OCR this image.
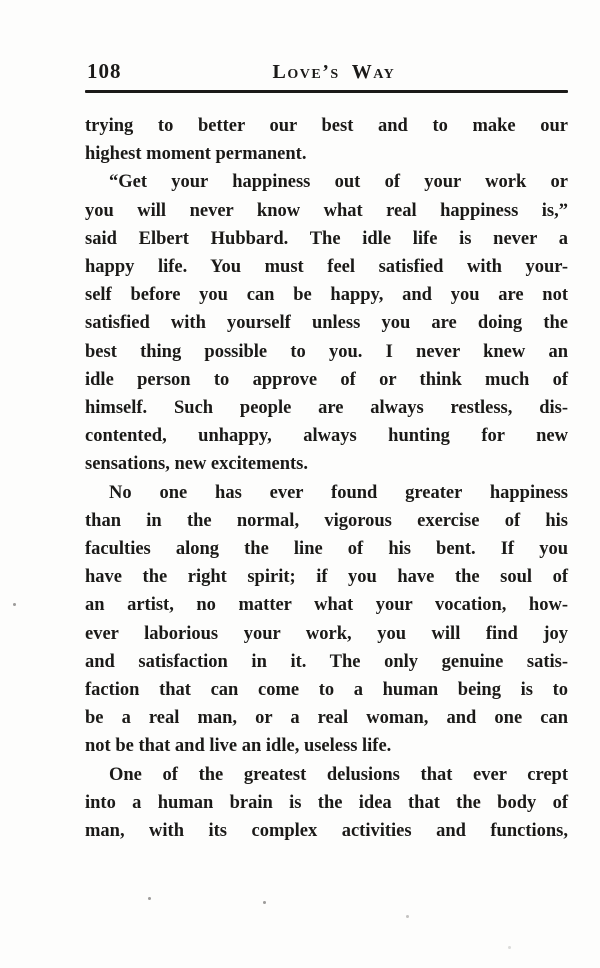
108	Love’s Way
trying to better our best and to make our
highest moment permanent.
“Get your happiness out of your work or
you will never know what real happiness is,”
said Elbert Hubbard. The idle life is never a
happy life. You must feel satisfied with your-
self before you can be happy, and you are not
satisfied with yourself unless you are doing the
best thing possible to you. I never knew an
idle person to approve of or think much of
himself. Such people are always restless, dis-
contented, unhappy, always hunting for new
sensations, new excitements.
No one has ever found greater happiness
than in the normal, vigorous exercise of his
faculties along the line of his bent. If you
have the right spirit; if you have the soul of
an artist, no matter what your vocation, how-
ever laborious your work, you will find joy
and satisfaction in it. The only genuine satis-
faction that can come to a human being is to
be a real man, or a real woman, and one can
not be that and live an idle, useless life.
One of the greatest delusions that ever crept
into a human brain is the idea that the body of
man, with its complex activities and functions,
